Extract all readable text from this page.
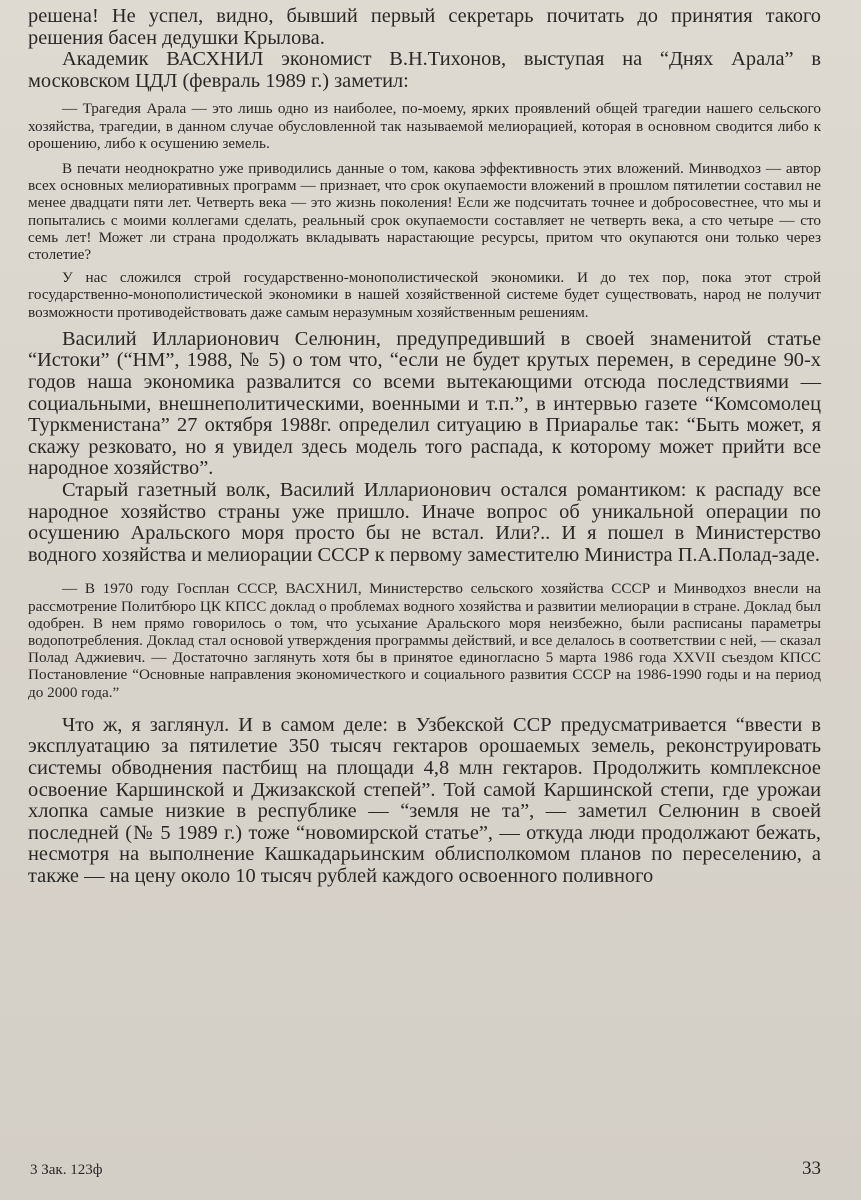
решена! Не успел, видно, бывший первый секретарь почитать до принятия такого решения басен дедушки Крылова.

Академик ВАСХНИЛ экономист В.Н.Тихонов, выступая на “Днях Арала” в московском ЦДЛ (февраль 1989 г.) заметил:

— Трагедия Арала — это лишь одно из наиболее, по-моему, ярких проявлений общей трагедии нашего сельского хозяйства, трагедии, в данном случае обусловленной так называемой мелиорацией, которая в основном сводится либо к орошению, либо к осушению земель.

В печати неоднократно уже приводились данные о том, какова эффективность этих вложений. Минводхоз — автор всех основных мелиоративных программ — признает, что срок окупаемости вложений в прошлом пятилетии составил не менее двадцати пяти лет. Четверть века — это жизнь поколения! Если же подсчитать точнее и добросовестнее, что мы и попытались с моими коллегами сделать, реальный срок окупаемости составляет не четверть века, а сто четыре — сто семь лет! Может ли страна продолжать вкладывать нарастающие ресурсы, притом что окупаются они только через столетие?

У нас сложился строй государственно-монополистической экономики. И до тех пор, пока этот строй государственно-монополистической экономики в нашей хозяйственной системе будет существовать, народ не получит возможности противодействовать даже самым неразумным хозяйственным решениям.

Василий Илларионович Селюнин, предупредивший в своей знаменитой статье “Истоки” (“НМ”, 1988, № 5) о том что, “если не будет крутых перемен, в середине 90-х годов наша экономика развалится со всеми вытекающими отсюда последствиями — социальными, внешнеполитическими, военными и т.п.”, в интервью газете “Комсомолец Туркменистана” 27 октября 1988г. определил ситуацию в Приаралье так: “Быть может, я скажу резковато, но я увидел здесь модель того распада, к которому может прийти все народное хозяйство”.

Старый газетный волк, Василий Илларионович остался романтиком: к распаду все народное хозяйство страны уже пришло. Иначе вопрос об уникальной операции по осушению Аральского моря просто бы не встал. Или?.. И я пошел в Министерство водного хозяйства и мелиорации СССР к первому заместителю Министра П.А.Полад-заде.

— В 1970 году Госплан СССР, ВАСХНИЛ, Министерство сельского хозяйства СССР и Минводхоз внесли на рассмотрение Политбюро ЦК КПСС доклад о проблемах водного хозяйства и развитии мелиорации в стране. Доклад был одобрен. В нем прямо говорилось о том, что усыхание Аральского моря неизбежно, были расписаны параметры водопотребления. Доклад стал основой утверждения программы действий, и все делалось в соответствии с ней, — сказал Полад Аджиевич. — Достаточно заглянуть хотя бы в принятое единогласно 5 марта 1986 года XXVII съездом КПСС Постановление “Основные направления экономичесткого и социального развития СССР на 1986-1990 годы и на период до 2000 года.”

Что ж, я заглянул. И в самом деле: в Узбекской ССР предусматривается “ввести в эксплуатацию за пятилетие 350 тысяч гектаров орошаемых земель, реконструировать системы обводнения пастбищ на площади 4,8 млн гектаров. Продолжить комплексное освоение Каршинской и Джизакской степей”. Той самой Каршинской степи, где урожаи хлопка самые низкие в республике — “земля не та”, — заметил Селюнин в своей последней (№ 5 1989 г.) тоже “новомирской статье”, — откуда люди продолжают бежать, несмотря на выполнение Кашкадарьинским облисполкомом планов по переселению, а также — на цену около 10 тысяч рублей каждого освоенного поливного

3 Зак. 123ф	33
